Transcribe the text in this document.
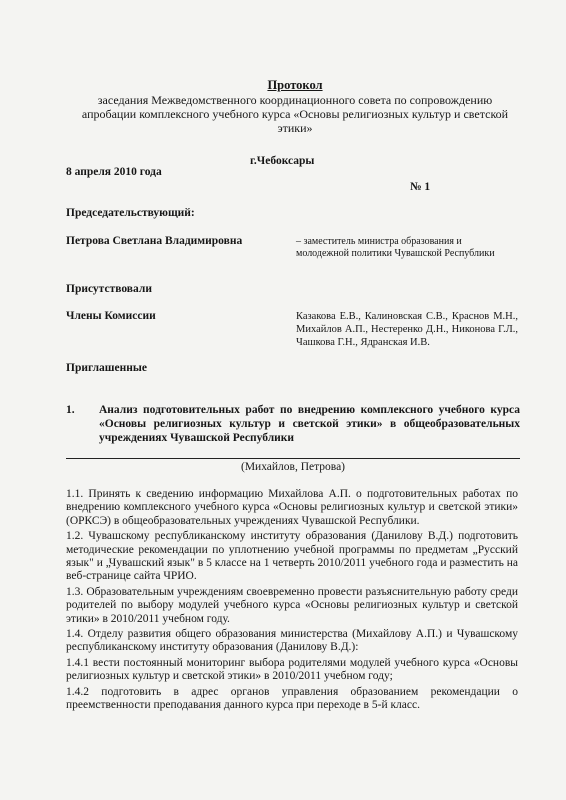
Протокол
заседания Межведомственного координационного совета по сопровождению
апробации комплексного учебного курса «Основы религиозных культур и светской
этики»
г.Чебоксары
8 апреля 2010 года
№ 1
Председательствующий:
Петрова Светлана Владимировна	– заместитель министра образования и молодежной политики Чувашской Республики
Присутствовали
Члены Комиссии	Казакова Е.В., Калиновская С.В., Краснов М.Н., Михайлов А.П., Нестеренко Д.Н., Никонова Г.Л., Чашкова Г.Н., Ядранская И.В.
Приглашенные
1. Анализ подготовительных работ по внедрению комплексного учебного курса «Основы религиозных культур и светской этики» в общеобразовательных учреждениях Чувашской Республики
(Михайлов, Петрова)

1.1. Принять к сведению информацию Михайлова А.П. о подготовительных работах по внедрению комплексного учебного курса «Основы религиозных культур и светской этики» (ОРКСЭ) в общеобразовательных учреждениях Чувашской Республики.

1.2. Чувашскому республиканскому институту образования (Данилову В.Д.) подготовить методические рекомендации по уплотнению учебной программы по предметам „Русский язык" и „Чувашский язык" в 5 классе на 1 четверть 2010/2011 учебного года и разместить на веб-странице сайта ЧРИО.

1.3. Образовательным учреждениям своевременно провести разъяснительную работу среди родителей по выбору модулей учебного курса «Основы религиозных культур и светской этики» в 2010/2011 учебном году.

1.4. Отделу развития общего образования министерства (Михайлову А.П.) и Чувашскому республиканскому институту образования (Данилову В.Д.):

1.4.1 вести постоянный мониторинг выбора родителями модулей учебного курса «Основы религиозных культур и светской этики» в 2010/2011 учебном году;

1.4.2 подготовить в адрес органов управления образованием рекомендации о преемственности преподавания данного курса при переходе в 5-й класс.
